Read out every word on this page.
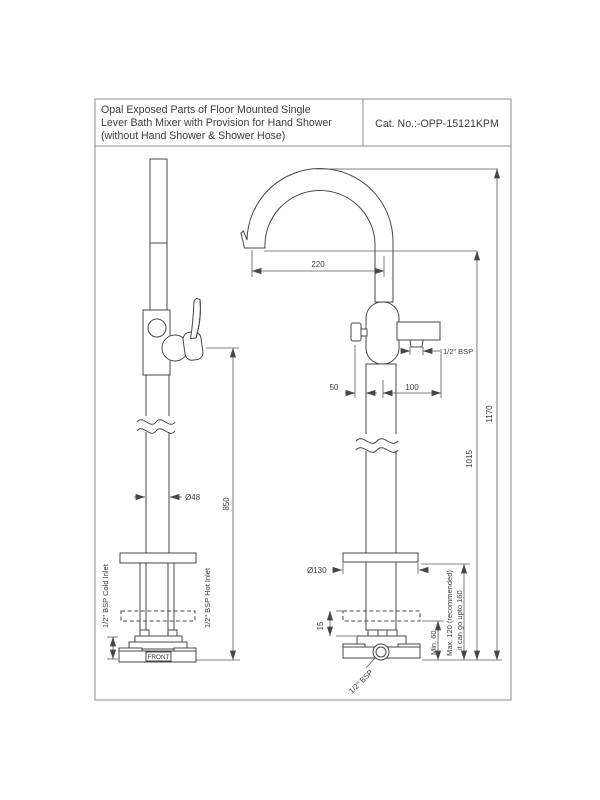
Opal Exposed Parts of Floor Mounted Single
Lever Bath Mixer with Provision for Hand Shower
(without Hand Shower & Shower Hose)
Cat. No.:-OPP-15121KPM
FRONT
850
Ø48
1/2" BSP Cold Inlet	1/2" BSP Hot Inlet
220
50	100
1/2" BSP
Ø130
15
Min. 60 Max. 120 (recommended) it can go upto 160
1015
1170
1/2" BSP
